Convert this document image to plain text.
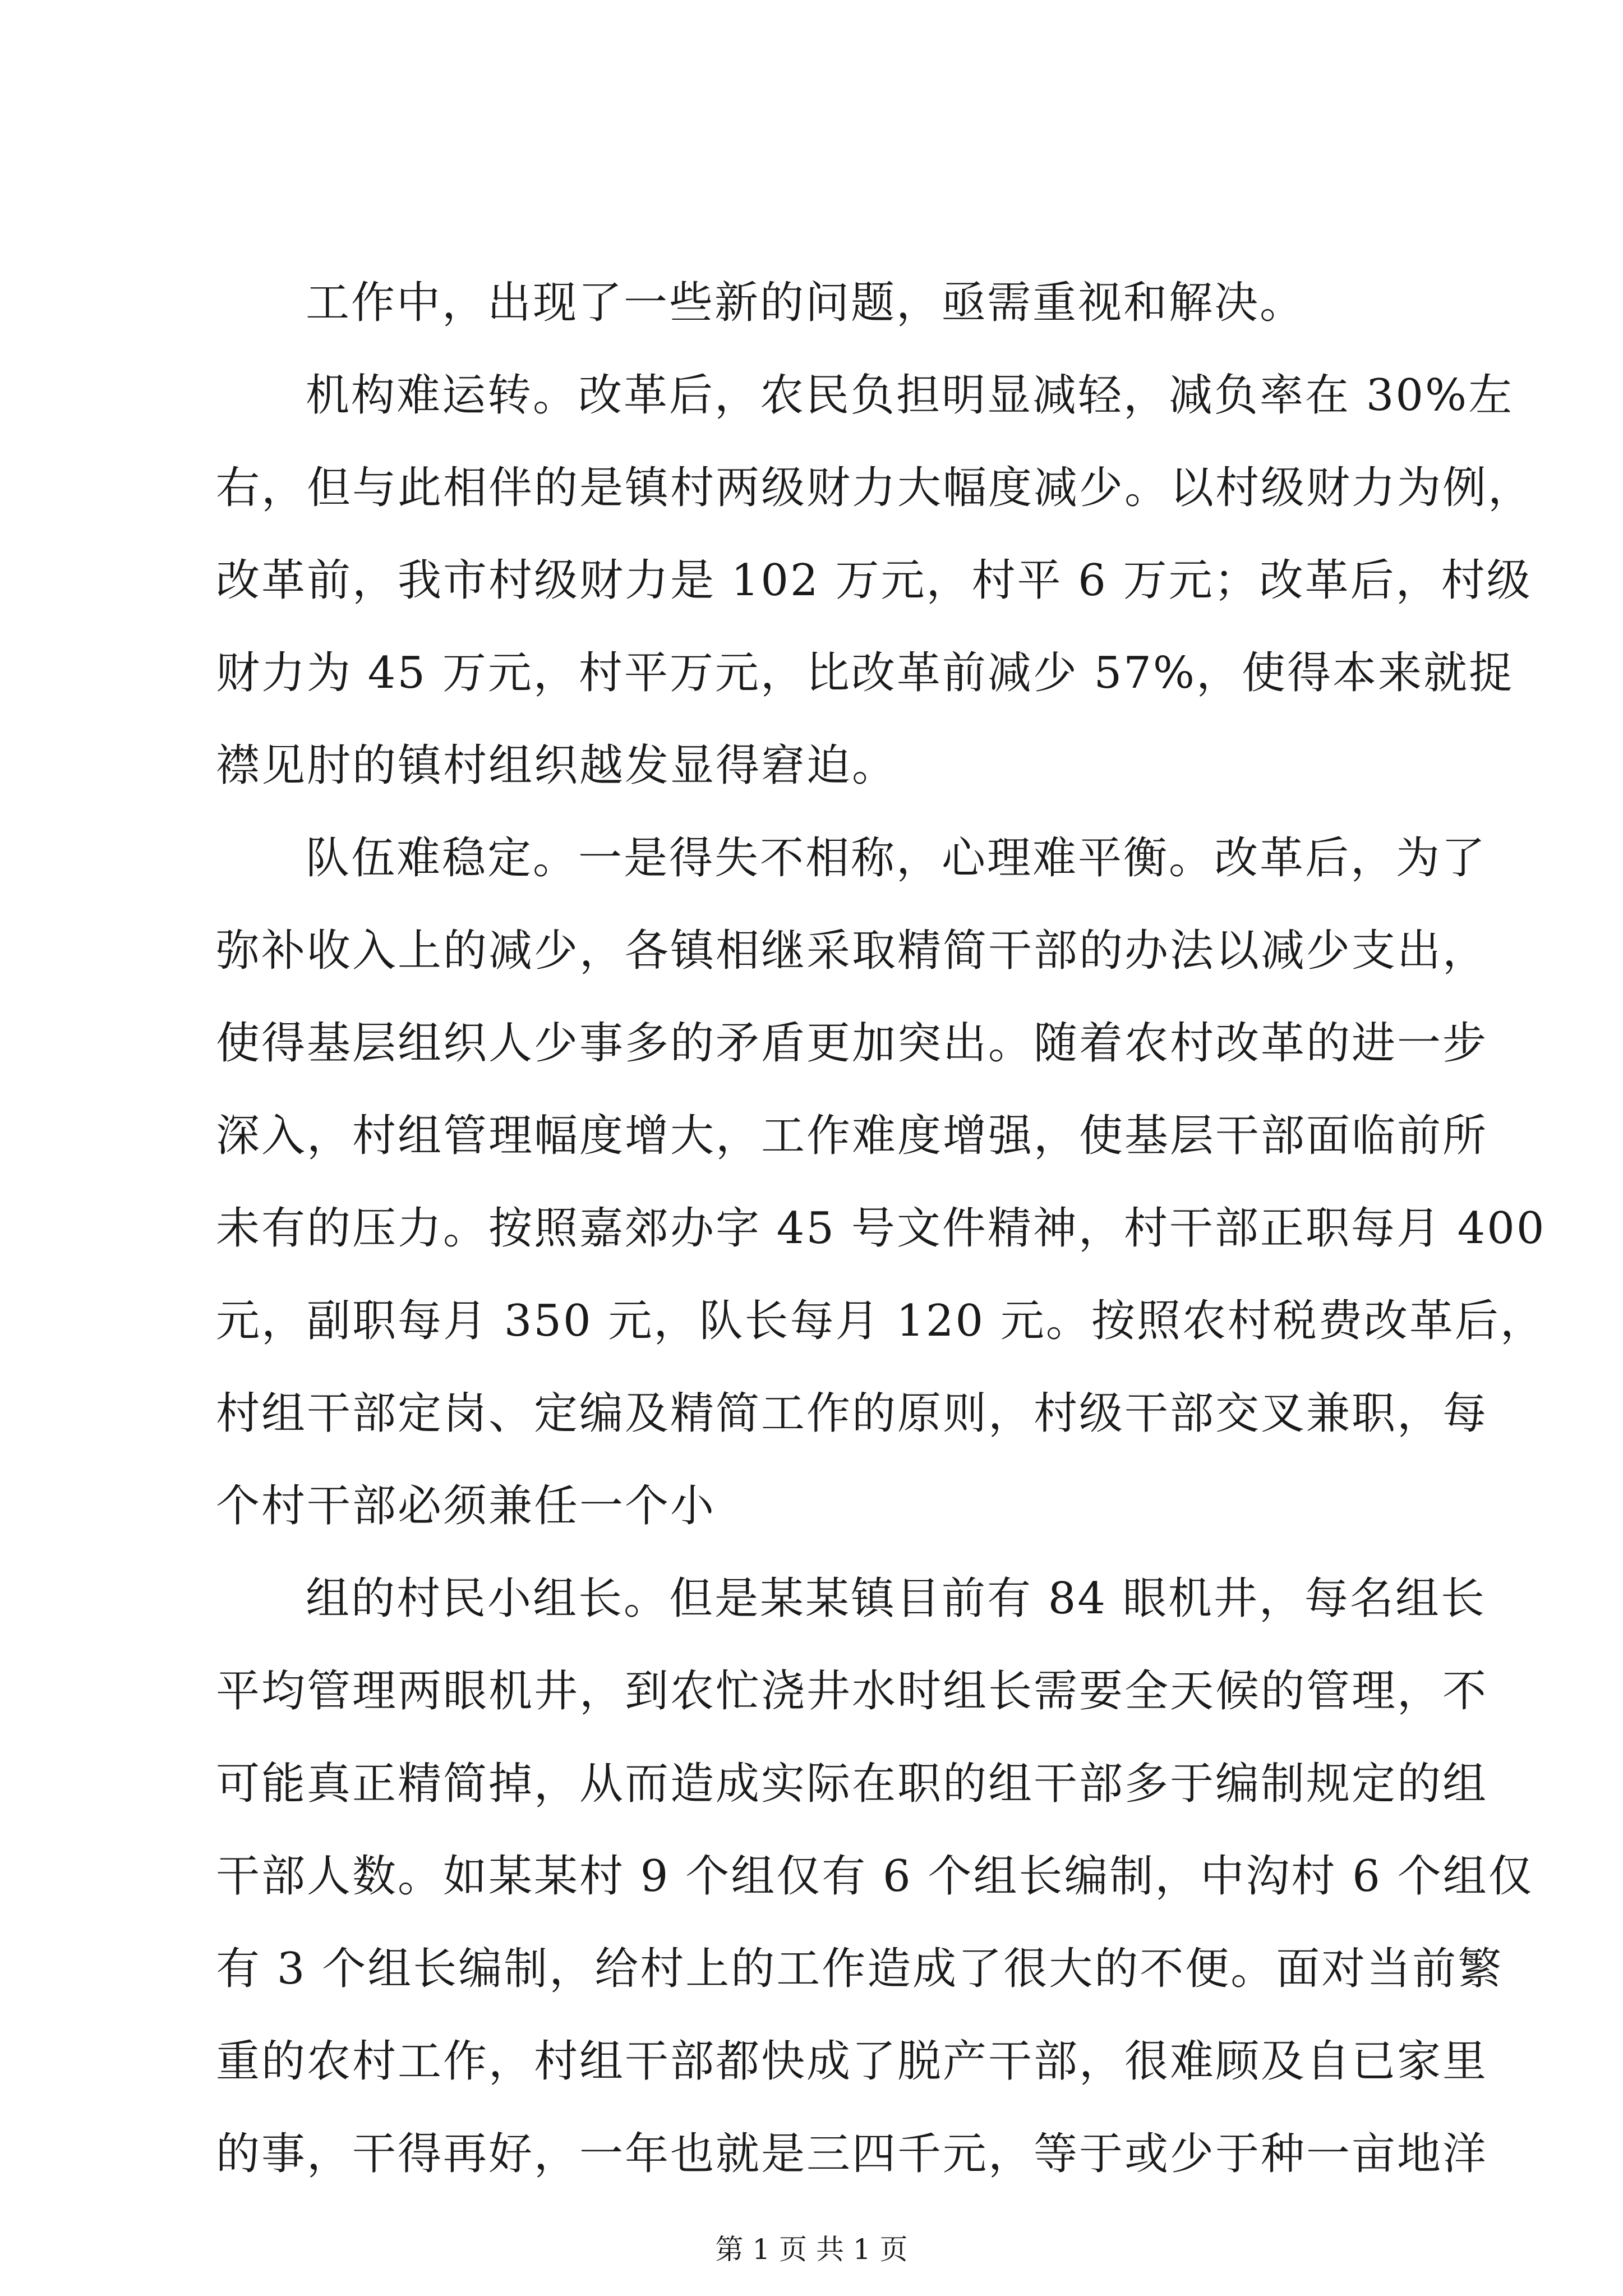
工作中，出现了一些新的问题，亟需重视和解决。
机构难运转。改革后，农民负担明显减轻，减负率在 30%左
右，但与此相伴的是镇村两级财力大幅度减少。以村级财力为例，
改革前，我市村级财力是 102 万元，村平 6 万元；改革后，村级
财力为 45 万元，村平万元，比改革前减少 57%，使得本来就捉
襟见肘的镇村组织越发显得窘迫。
队伍难稳定。一是得失不相称，心理难平衡。改革后，为了
弥补收入上的减少，各镇相继采取精简干部的办法以减少支出，
使得基层组织人少事多的矛盾更加突出。随着农村改革的进一步
深入，村组管理幅度增大，工作难度增强，使基层干部面临前所
未有的压力。按照嘉郊办字 45 号文件精神，村干部正职每月 400
元，副职每月 350 元，队长每月 120 元。按照农村税费改革后，
村组干部定岗、定编及精简工作的原则，村级干部交叉兼职，每
个村干部必须兼任一个小
组的村民小组长。但是某某镇目前有 84 眼机井，每名组长
平均管理两眼机井，到农忙浇井水时组长需要全天候的管理，不
可能真正精简掉，从而造成实际在职的组干部多于编制规定的组
干部人数。如某某村 9 个组仅有 6 个组长编制，中沟村 6 个组仅
有 3 个组长编制，给村上的工作造成了很大的不便。面对当前繁
重的农村工作，村组干部都快成了脱产干部，很难顾及自已家里
的事，干得再好，一年也就是三四千元，等于或少于种一亩地洋
第 1 页 共 1 页
